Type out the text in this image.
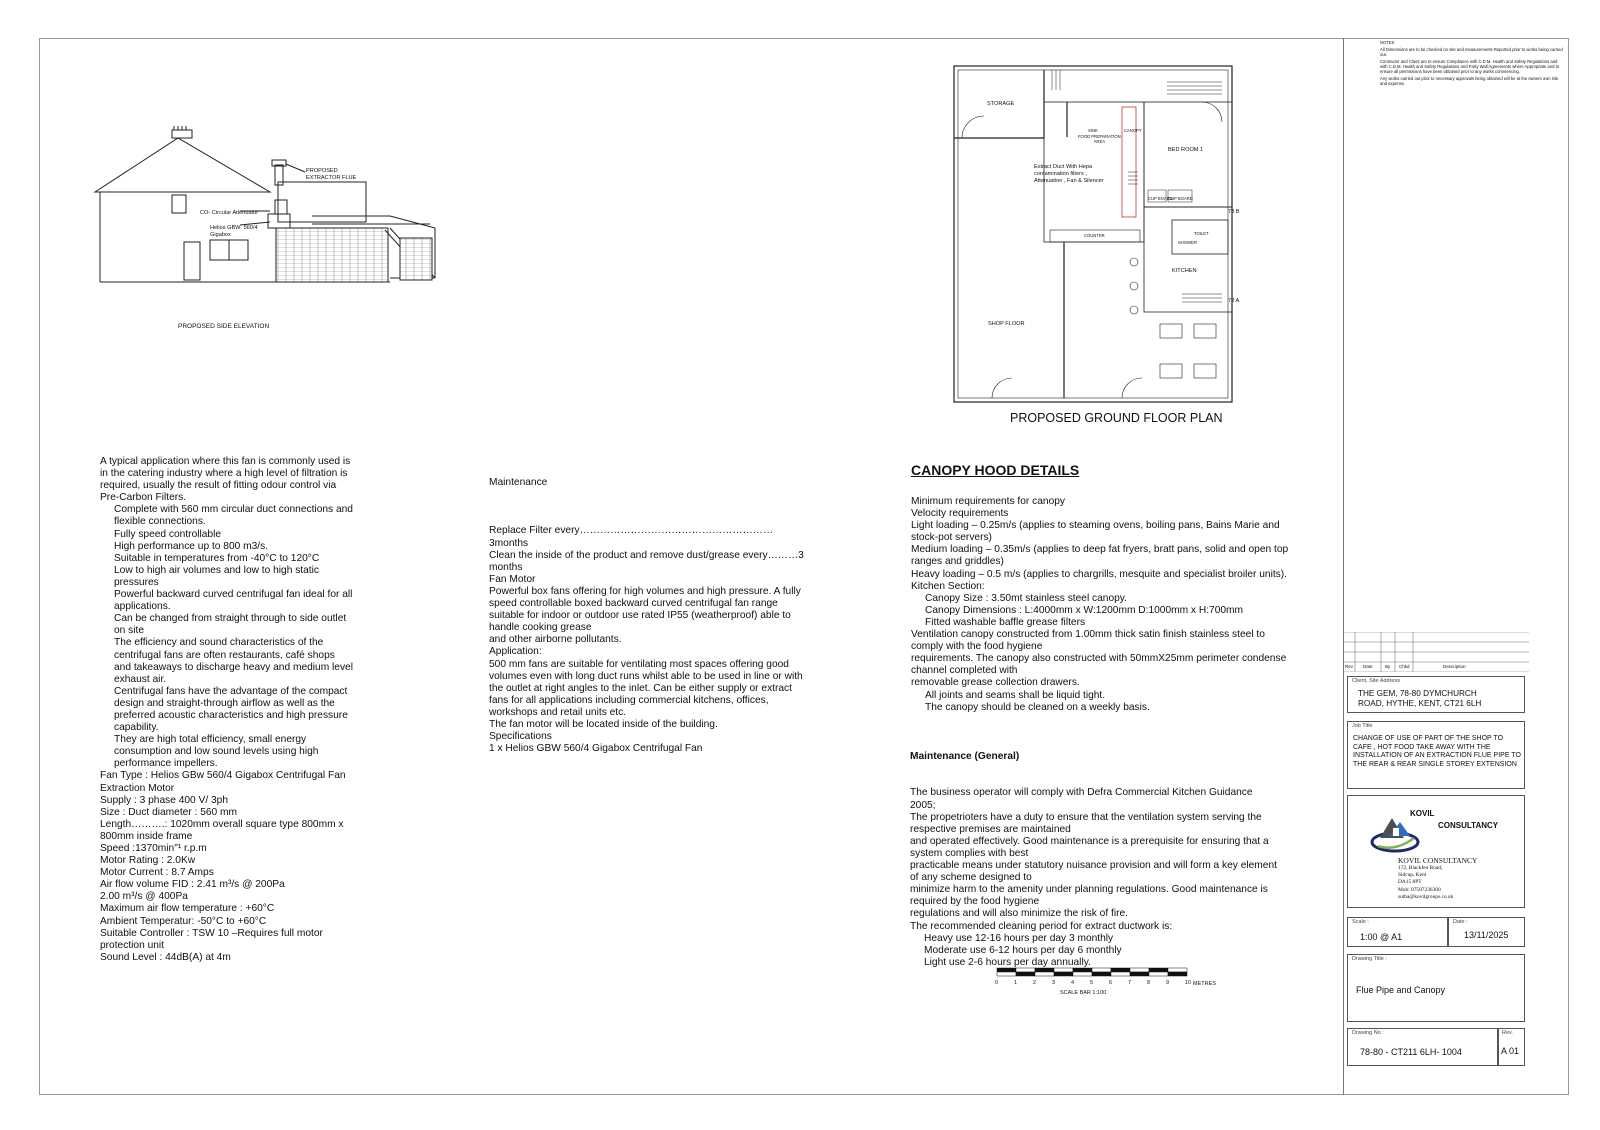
NOTES
All Dimensions are to be checked on site and measurements Reported prior to works being carried out.
Contractor and Client are to ensure Compliance with C.D.M. Health and Safety Regulations and with C.D.M. Health and Safety Regulations and Party Wall Agreements where Appropriate and to ensure all permissions have been obtained prior to any works commencing.
Any works carried out prior to necessary approvals being obtained will be at the owners own risk and expense.
PROPOSED
EXTRACTOR FLUE
CO- Circular Attenuator
Helios GBW  560/4
Gigabox
PROPOSED SIDE ELEVATION
STORAGE
FOOD PREPARATION
AREA
BED ROOM 1
SHOP FLOOR
KITCHEN
TOILET
COUNTER
CANOPY
SINK
CUP BOARD
CUP BOARD
SHOWER
78 B
78 A
Extract Duct With Hepa
contamination filters ,
Attenuation , Fan & Silencer
PROPOSED GROUND FLOOR PLAN
A typical application where this fan is commonly used is in the catering industry where a high level of filtration is required, usually the result of fitting odour control via Pre-Carbon Filters.
Complete with 560 mm circular duct connections and flexible connections.
Fully speed controllable
High performance up to 800 m3/s.
Suitable in temperatures from -40°C to 120°C
Low to high air volumes and low to high static pressures
Powerful backward curved centrifugal fan ideal for all applications.
Can be changed from straight through to side outlet on site
The efficiency and sound characteristics of the centrifugal fans are often restaurants, café shops and takeaways to discharge heavy and medium level exhaust air.
Centrifugal fans have the advantage of the compact design and straight-through airflow as well as the preferred acoustic characteristics and high pressure capability.
They are high total efficiency, small energy consumption and low sound levels using high performance impellers.
Fan Type : Helios GBw 560/4 Gigabox Centrifugal Fan Extraction Motor
Supply : 3 phase 400 V/ 3ph
Size : Duct diameter : 560 mm
Length……….: 1020mm overall square type 800mm x 800mm inside frame
Speed :1370min"¹ r.p.m
Motor Rating : 2.0Kw
Motor Current : 8.7 Amps
Air flow volume FID : 2.41 m³/s @ 200Pa
2.00 m³/s @ 400Pa
Maximum air flow temperature : +60°C
Ambient Temperatur: -50°C to +60°C
Suitable Controller : TSW 10 –Requires full motor protection unit
Sound Level : 44dB(A) at 4m

Maintenance

Replace Filter every…………………………………………………3months
Clean the inside of the product and remove dust/grease every………3 months
Fan Motor
Powerful box fans offering for high volumes and high pressure. A fully speed controllable boxed backward curved centrifugal fan range suitable for indoor or outdoor use rated IP55 (weatherproof) able to handle cooking grease
and other airborne pollutants.
Application:
500 mm fans are suitable for ventilating most spaces offering good volumes even with long duct runs whilst able to be used in line or with the outlet at right angles to the inlet. Can be either supply or extract fans for all applications including commercial kitchens, offices, workshops and retail units etc.
The fan motor will be located inside of the building.
Specifications
1 x Helios GBW 560/4 Gigabox Centrifugal Fan

CANOPY HOOD DETAILS
Minimum requirements for canopy
Velocity requirements
Light loading – 0.25m/s (applies to steaming ovens, boiling pans, Bains Marie and stock-pot servers)
Medium loading – 0.35m/s (applies to deep fat fryers, bratt pans, solid and open top ranges and griddles)
Heavy loading – 0.5 m/s (applies to chargrills, mesquite and specialist broiler units).
Kitchen Section:
Canopy Size : 3.50mt stainless steel canopy.
Canopy Dimensions : L:4000mm x W:1200mm D:1000mm x H:700mm
Fitted washable baffle grease filters
Ventilation canopy constructed from 1.00mm thick satin finish stainless steel to comply with the food hygiene
requirements. The canopy also constructed with 50mmX25mm perimeter condense channel completed with
removable grease collection drawers.
All joints and seams shall be liquid tight.
The canopy should be cleaned on a weekly basis.

Maintenance (General)

The business operator will comply with Defra Commercial Kitchen Guidance 2005;
The propetrioters have a duty to ensure that the ventilation system serving the respective premises are maintained
and operated effectively. Good maintenance is a prerequisite for ensuring that a system complies with best
practicable means under statutory nuisance provision and will form a key element of any scheme designed to
minimize harm to the amenity under planning regulations. Good maintenance is required by the food hygiene
regulations and will also minimize the risk of fire.
The recommended cleaning period for extract ductwork is:
Heavy use 12-16 hours per day 3 monthly
Moderate use 6-12 hours per day 6 monthly
Light use 2-6 hours per day annually.

0	1	2	3	4	5	6	7	8	9	10 METRES
SCALE BAR 1:100
Rev Date	By Chkd	Description
Client, Site Address
THE GEM, 78-80 DYMCHURCH
ROAD, HYTHE, KENT, CT21 6LH
Job Title
CHANGE OF USE OF PART OF THE SHOP TO CAFE , HOT FOOD TAKE AWAY WITH THE INSTALLATION OF AN EXTRACTION FLUE PIPE TO THE REAR & REAR SINGLE STOREY EXTENSION
KOVIL
CONSULTANCY
KOVIL CONSULTANCY
172, Blackfen Road,
Sidcup, Kent
DA15 8PT
Mob: 07507236300
sutha@kovilgroups.co.uk
Scale :
1:00 @ A1
Date :
13/11/2025
Drawing Title :
Flue Pipe and Canopy
Drawing No :
78-80 - CT211 6LH- 1004
Rev.
A 01
